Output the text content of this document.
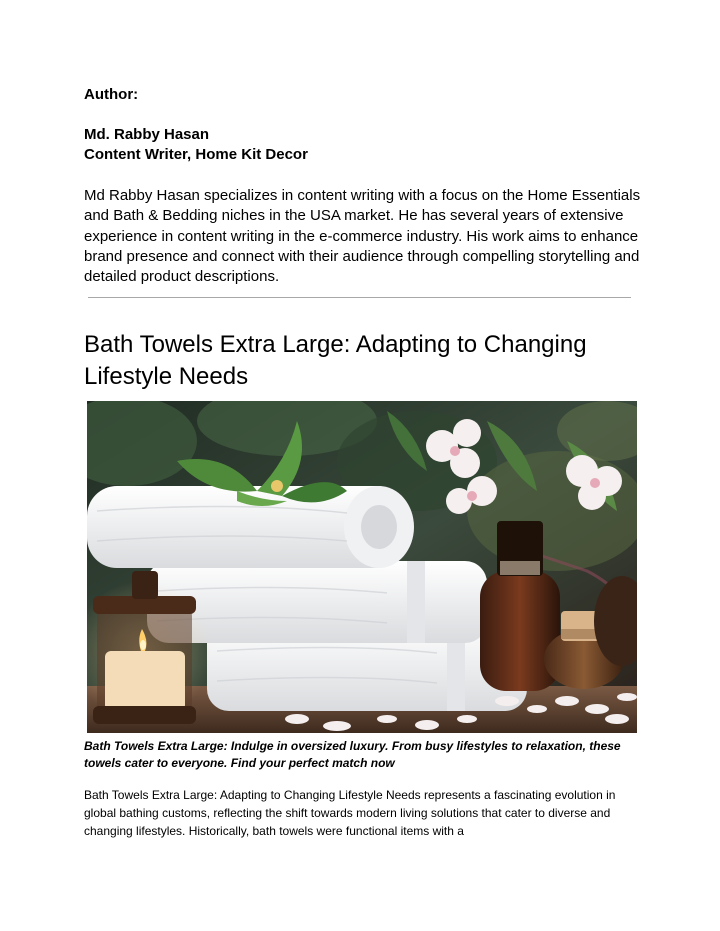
Author:

Md. Rabby Hasan

Content Writer, Home Kit Decor

Md Rabby Hasan specializes in content writing with a focus on the Home Essentials and Bath & Bedding niches in the USA market. He has several years of extensive experience in content writing in the e-commerce industry. His work aims to enhance brand presence and connect with their audience through compelling storytelling and detailed product descriptions.

Bath Towels Extra Large: Adapting to Changing Lifestyle Needs

Bath Towels Extra Large: Indulge in oversized luxury. From busy lifestyles to relaxation, these towels cater to everyone. Find your perfect match now

Bath Towels Extra Large: Adapting to Changing Lifestyle Needs represents a fascinating evolution in global bathing customs, reflecting the shift towards modern living solutions that cater to diverse and changing lifestyles. Historically, bath towels were functional items with a
